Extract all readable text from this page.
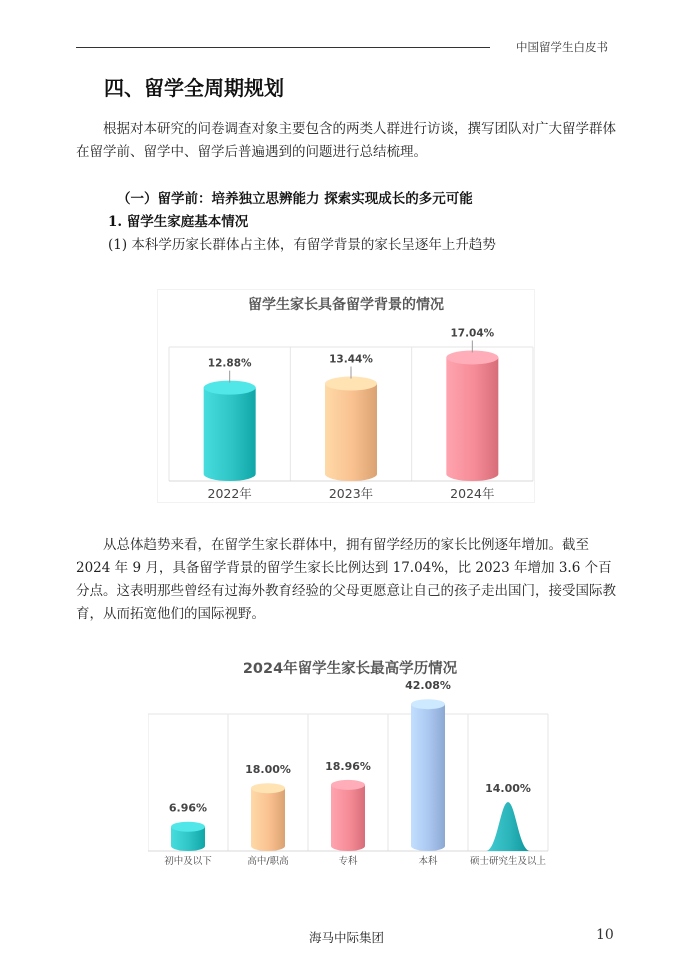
中国留学生白皮书
四、留学全周期规划
根据对本研究的问卷调查对象主要包含的两类人群进行访谈，撰写团队对广大留学群体在留学前、留学中、留学后普遍遇到的问题进行总结梳理。
（一）留学前：培养独立思辨能力 探索实现成长的多元可能
1. 留学生家庭基本情况
(1) 本科学历家长群体占主体，有留学背景的家长呈逐年上升趋势
留学生家长具备留学背景的情况
12.88%
2022年
13.44%
2023年
17.04%
2024年
从总体趋势来看，在留学生家长群体中，拥有留学经历的家长比例逐年增加。截至 2024 年 9 月，具备留学背景的留学生家长比例达到 17.04%，比 2023 年增加 3.6 个百分点。这表明那些曾经有过海外教育经验的父母更愿意让自己的孩子走出国门，接受国际教育，从而拓宽他们的国际视野。
2024年留学生家长最高学历情况
6.96%
初中及以下
18.00%
高中/职高
18.96%
专科
42.08%
本科
14.00%
硕士研究生及以上
海马中际集团	10
